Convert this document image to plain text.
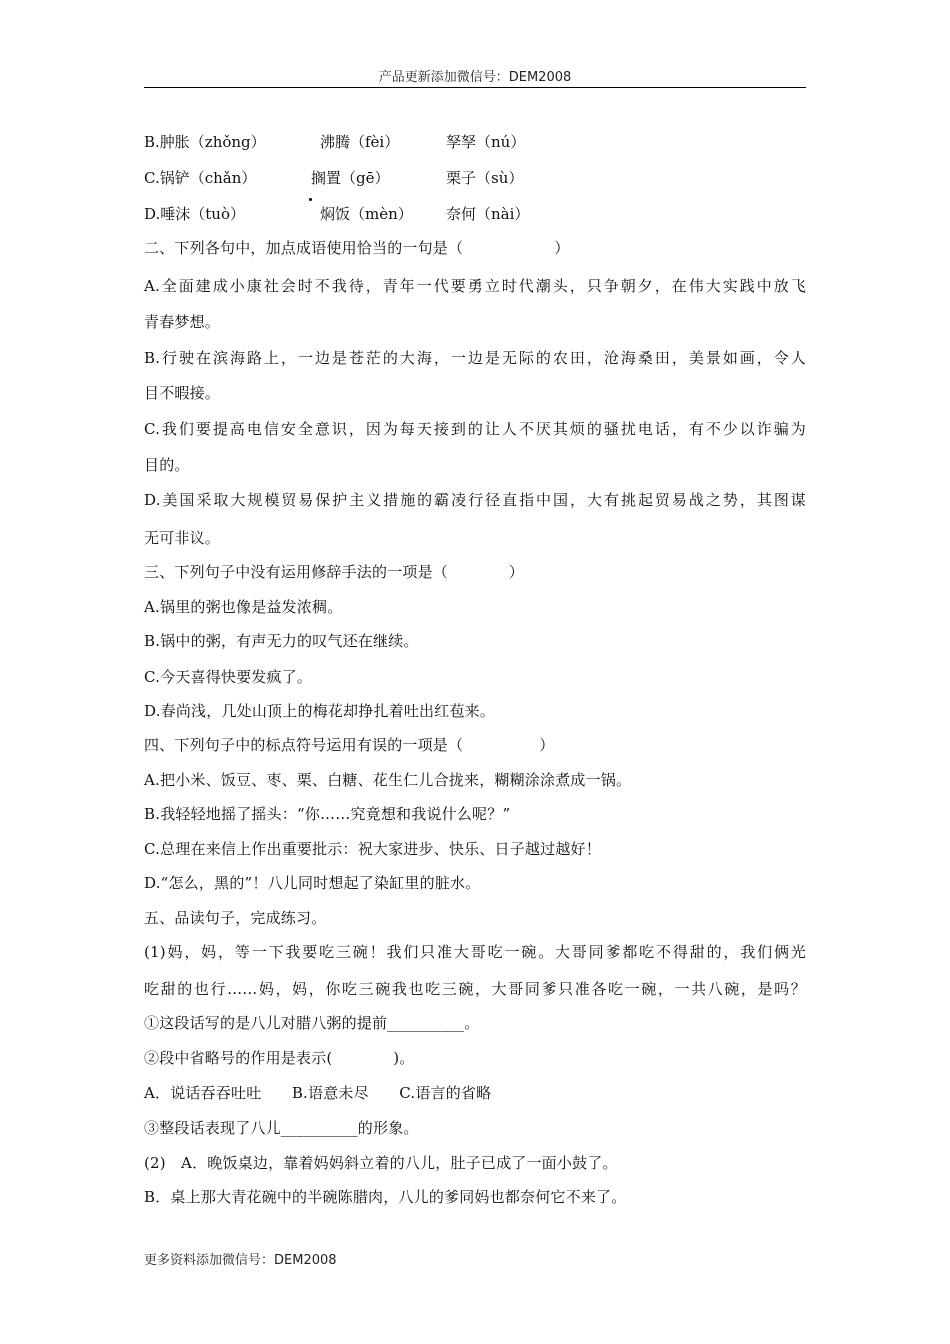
产品更新添加微信号：DEM2008
B.肿胀（zhǒng）	沸腾（fèi）	孥孥（nú）
C.锅铲（chǎn）	搁置（gē）	栗子（sù）
D.唾沫（tuò）	焖饭（mèn） 奈何（nài）
二、下列各句中，加点成语使用恰当的一句是（　　　　　　）
A.全面建成小康社会时不我待，青年一代要勇立时代潮头，只争朝夕，在伟大实践中放飞
青春梦想。
B.行驶在滨海路上，一边是苍茫的大海，一边是无际的农田，沧海桑田，美景如画，令人
目不暇接。
C.我们要提高电信安全意识，因为每天接到的让人不厌其烦的骚扰电话，有不少以诈骗为
目的。
D.美国采取大规模贸易保护主义措施的霸凌行径直指中国，大有挑起贸易战之势，其图谋
无可非议。
三、下列句子中没有运用修辞手法的一项是（　　　　）
A.锅里的粥也像是益发浓稠。
B.锅中的粥，有声无力的叹气还在继续。
C.今天喜得快要发疯了。
D.春尚浅，几处山顶上的梅花却挣扎着吐出红苞来。
四、下列句子中的标点符号运用有误的一项是（　　　　　）
A.把小米、饭豆、枣、栗、白糖、花生仁儿合拢来，糊糊涂涂煮成一锅。
B.我轻轻地摇了摇头：“你……究竟想和我说什么呢？”
C.总理在来信上作出重要批示：祝大家进步、快乐、日子越过越好！
D.“怎么，黑的”！八儿同时想起了染缸里的脏水。
五、品读句子，完成练习。
(1)妈，妈，等一下我要吃三碗！我们只准大哥吃一碗。大哥同爹都吃不得甜的，我们俩光
吃甜的也行……妈，妈，你吃三碗我也吃三碗，大哥同爹只准各吃一碗，一共八碗，是吗？
①这段话写的是八儿对腊八粥的提前__________。
②段中省略号的作用是表示(　　　　)。
A．说话吞吞吐吐　　B.语意未尽　　C.语言的省略
③整段话表现了八儿__________的形象。
(2)　A．晚饭桌边，靠着妈妈斜立着的八儿，肚子已成了一面小鼓了。
B．桌上那大青花碗中的半碗陈腊肉，八儿的爹同妈也都奈何它不来了。
更多资料添加微信号：DEM2008
